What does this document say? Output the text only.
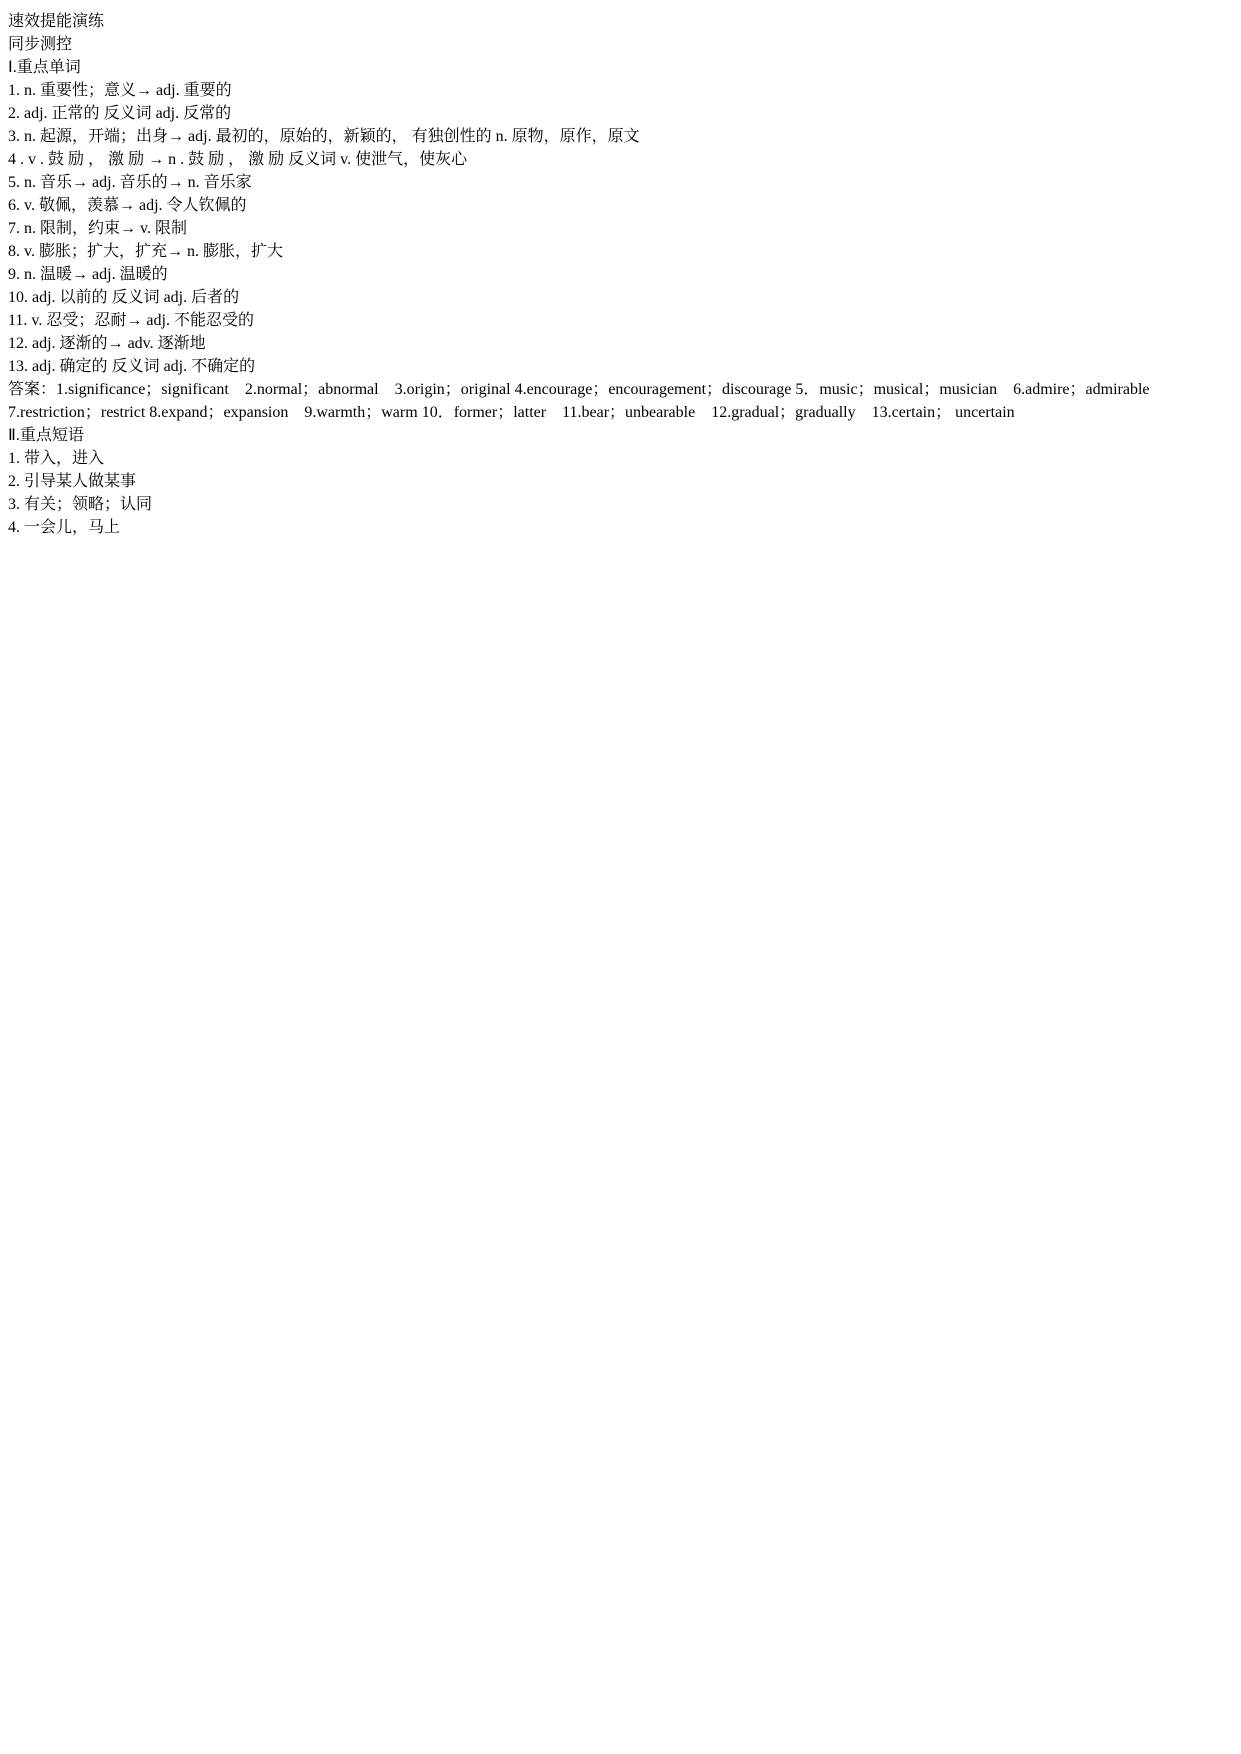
速效提能演练
同步测控
Ⅰ.重点单词
1. n. 重要性；意义→ adj. 重要的
2. adj. 正常的 反义词 adj. 反常的
3. n. 起源，开端；出身→ adj. 最初的，原始的，新颖的， 有独创性的 n. 原物，原作，原文
4 . v . 鼓 励 ， 激 励 → n . 鼓 励 ， 激 励 反义词 v. 使泄气，使灰心
5. n. 音乐→ adj. 音乐的→ n. 音乐家
6. v. 敬佩，羡慕→ adj. 令人钦佩的
7. n. 限制，约束→ v. 限制
8. v. 膨胀；扩大，扩充→ n. 膨胀，扩大
9. n. 温暖→ adj. 温暖的
10. adj. 以前的 反义词 adj. 后者的
11. v. 忍受；忍耐→ adj. 不能忍受的
12. adj. 逐渐的→ adv. 逐渐地
13. adj. 确定的 反义词 adj. 不确定的
答案：1.significance；significant　2.normal；abnormal　3.origin；original 4.encourage；encouragement；discourage 5．music；musical；musician　6.admire；admirable　7.restriction；restrict 8.expand；expansion　9.warmth；warm 10．former；latter　11.bear；unbearable　12.gradual；gradually　13.certain； uncertain
Ⅱ.重点短语
1. 带入，进入
2. 引导某人做某事
3. 有关；领略；认同
4. 一会儿，马上
